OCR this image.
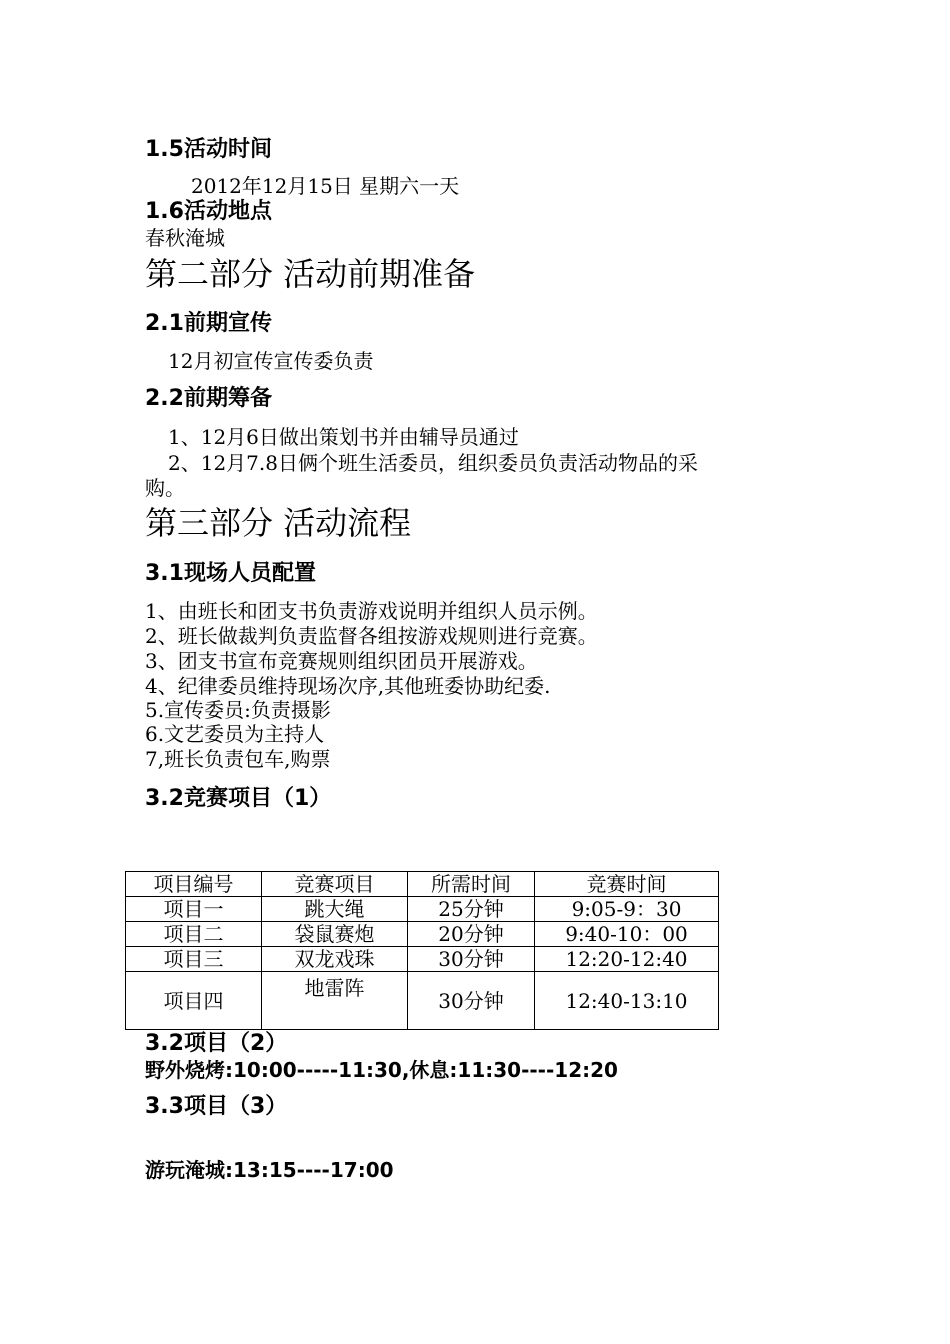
1.5活动时间
2012年12月15日 星期六一天
1.6活动地点
春秋淹城
第二部分 活动前期准备
2.1前期宣传
12月初宣传宣传委负责
2.2前期筹备
1、12月6日做出策划书并由辅导员通过
2、12月7.8日俩个班生活委员，组织委员负责活动物品的采
购。
第三部分 活动流程
3.1现场人员配置
1、由班长和团支书负责游戏说明并组织人员示例。
2、班长做裁判负责监督各组按游戏规则进行竞赛。
3、团支书宣布竞赛规则组织团员开展游戏。
4、纪律委员维持现场次序,其他班委协助纪委.
5.宣传委员:负责摄影
6.文艺委员为主持人
7,班长负责包车,购票
3.2竞赛项目（1）
项目编号	竞赛项目	所需时间	竞赛时间
项目一	跳大绳	25分钟	9:05-9：30
项目二	袋鼠赛炮	20分钟	9:40-10：00
项目三	双龙戏珠	30分钟	12:20-12:40
项目四	地雷阵	30分钟	12:40-13:10
3.2项目（2）
野外烧烤:10:00-----11:30,休息:11:30----12:20
3.3项目（3）
游玩淹城:13:15----17:00
